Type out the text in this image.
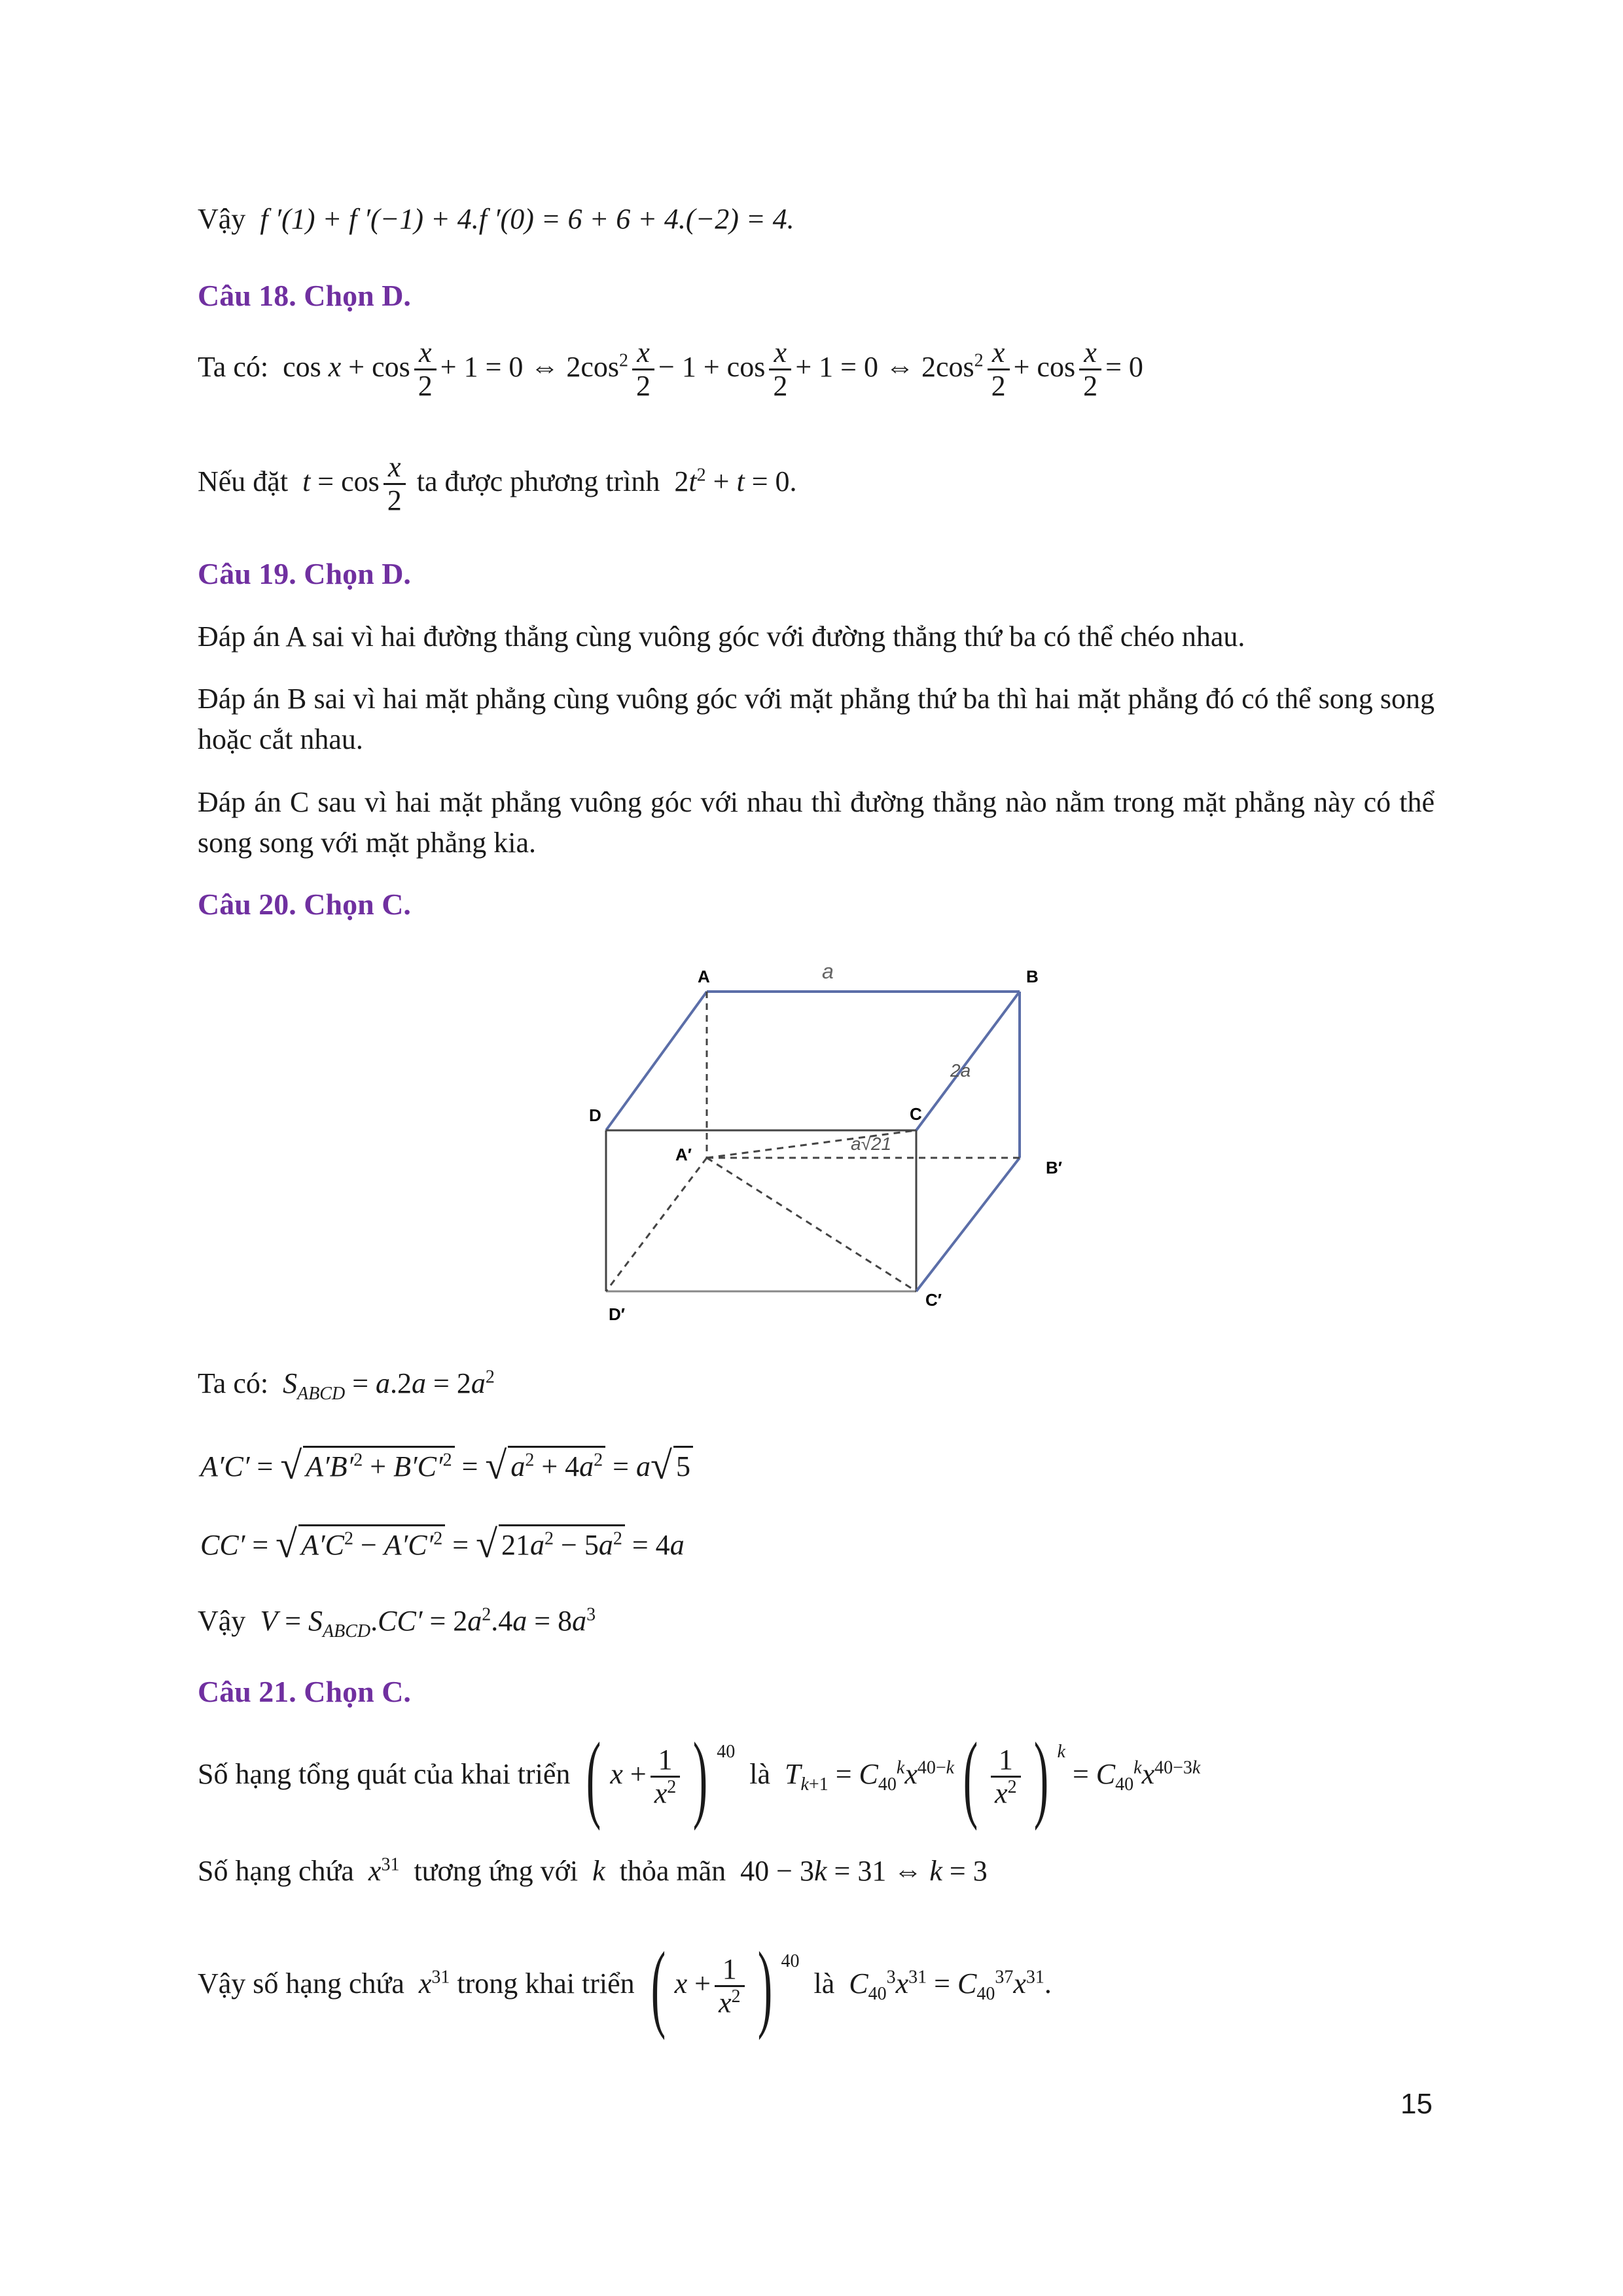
Vậy f ′(1) + f ′(−1) + 4.f ′(0) = 6 + 6 + 4.(−2) = 4.
Câu 18. Chọn D.
Ta có: $\cos x + \cos \frac{x}{2} + 1 = 0$ ⇔ $2\cos^2 \frac{x}{2} - 1 + \cos \frac{x}{2} + 1 = 0$ ⇔ $2\cos^2 \frac{x}{2} + \cos \frac{x}{2} = 0$
Nếu đặt $t = \cos \frac{x}{2}$ ta được phương trình $2t^2 + t = 0$.
Câu 19. Chọn D.
Đáp án A sai vì hai đường thẳng cùng vuông góc với đường thẳng thứ ba có thể chéo nhau.
Đáp án B sai vì hai mặt phẳng cùng vuông góc với mặt phẳng thứ ba thì hai mặt phẳng đó có thể song song hoặc cắt nhau.
Đáp án C sau vì hai mặt phẳng vuông góc với nhau thì đường thẳng nào nằm trong mặt phẳng này có thể song song với mặt phẳng kia.
Câu 20. Chọn C.
A	B
C
D
A′
B′
C′
D′
a
2a
a√21
Ta có: $S_{ABCD} = a.2a = 2a^2$
A′C′ = √ $A'B'^2 + B'C'^2$ = √ $a^2 + 4a^2 = a√$ 5
CC′ = √ $A'C^2 - A'C'^2$ = √ $21a^2 - 5a^2 = 4a$
Vậy $V = S_{ABCD}.CC' = 2a^2.4a = 8a^3$
Câu 21. Chọn C.
Số hạng tổng quát của khai triển ( $x + \frac{1}{x^2}$ ) $^{40}$  là $T_{k+1} = C_{40}^kx^{40-k}( \frac{1}{x^2}$ ) $^k = C_{40}^kx^{40-3k}$
Số hạng chứa $x^{31}$ tương ứng với k thỏa mãn 40 − 3k = 31 ⇔ k = 3
Vậy số hạng chứa $x^{31}$ trong khai triển ( $x + \frac{1}{x^2}$ ) $^{40}$  là $C_{40}^3x^{31} = C_{40}^{37}x^{31}$.
15
